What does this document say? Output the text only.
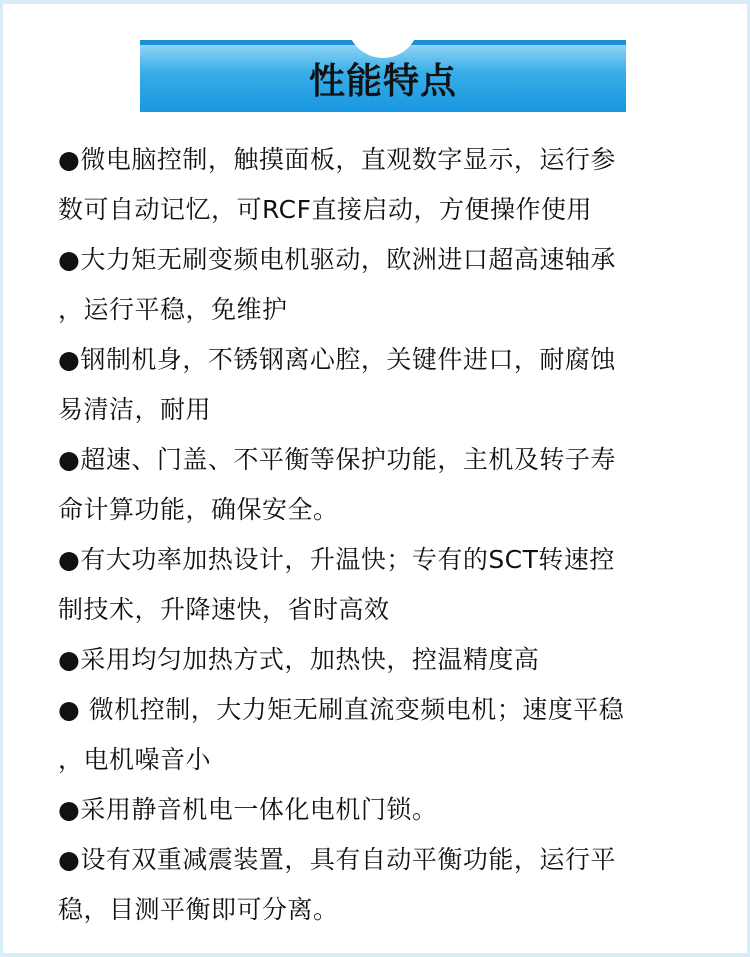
性能特点
●微电脑控制，触摸面板，直观数字显示，运行参
数可自动记忆，可RCF直接启动，方便操作使用
●大力矩无刷变频电机驱动，欧洲进口超高速轴承
，运行平稳，免维护
●钢制机身，不锈钢离心腔，关键件进口，耐腐蚀
易清洁，耐用
●超速、门盖、不平衡等保护功能，主机及转子寿
命计算功能，确保安全。
●有大功率加热设计，升温快；专有的SCT转速控
制技术，升降速快，省时高效
●采用均匀加热方式，加热快，控温精度高
● 微机控制，大力矩无刷直流变频电机；速度平稳
，电机噪音小
●采用静音机电一体化电机门锁。
●设有双重减震装置，具有自动平衡功能，运行平
稳，目测平衡即可分离。
